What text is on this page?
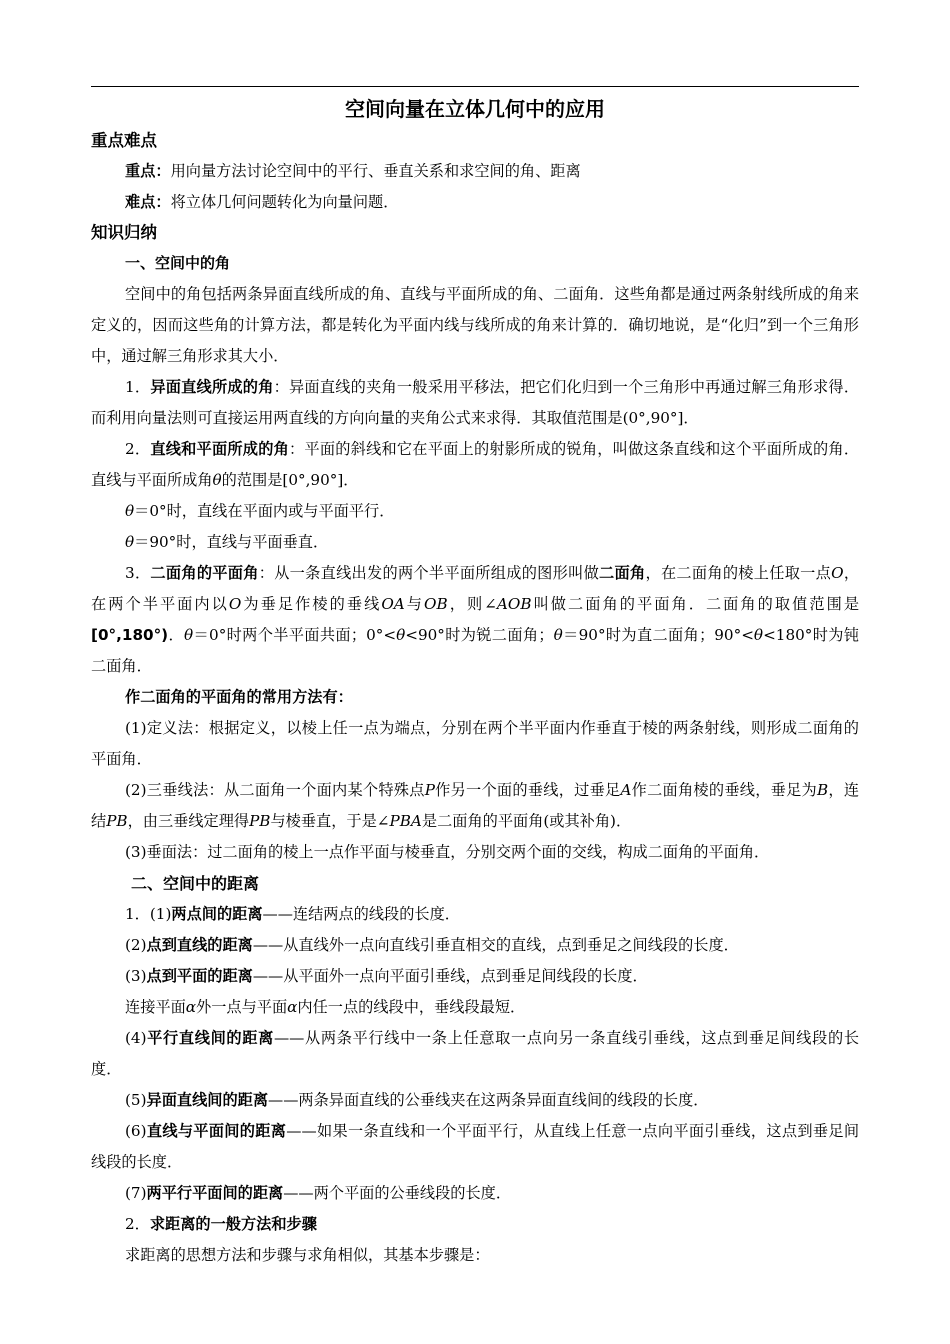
空间向量在立体几何中的应用
重点难点

重点：用向量方法讨论空间中的平行、垂直关系和求空间的角、距离

难点：将立体几何问题转化为向量问题．

知识归纳
一、空间中的角

空间中的角包括两条异面直线所成的角、直线与平面所成的角、二面角．这些角都是通过两条射线所成的角来定义的，因而这些角的计算方法，都是转化为平面内线与线所成的角来计算的．确切地说，是“化归”到一个三角形中，通过解三角形求其大小．

1．异面直线所成的角：异面直线的夹角一般采用平移法，把它们化归到一个三角形中再通过解三角形求得．而利用向量法则可直接运用两直线的方向向量的夹角公式来求得．其取值范围是(0°,90°]．

2．直线和平面所成的角：平面的斜线和它在平面上的射影所成的锐角，叫做这条直线和这个平面所成的角．直线与平面所成角θ的范围是[0°,90°]．

θ＝0°时，直线在平面内或与平面平行．

θ＝90°时，直线与平面垂直．

3．二面角的平面角：从一条直线出发的两个半平面所组成的图形叫做二面角，在二面角的棱上任取一点O，在两个半平面内以O为垂足作棱的垂线OA与OB，则∠AOB叫做二面角的平面角．二面角的取值范围是[0°,180°)．θ＝0°时两个半平面共面；0°<θ<90°时为锐二面角；θ＝90°时为直二面角；90°<θ<180°时为钝二面角．

作二面角的平面角的常用方法有：

(1)定义法：根据定义，以棱上任一点为端点，分别在两个半平面内作垂直于棱的两条射线，则形成二面角的平面角．

(2)三垂线法：从二面角一个面内某个特殊点P作另一个面的垂线，过垂足A作二面角棱的垂线，垂足为B，连结PB，由三垂线定理得PB与棱垂直，于是∠PBA是二面角的平面角(或其补角)．

(3)垂面法：过二面角的棱上一点作平面与棱垂直，分别交两个面的交线，构成二面角的平面角．

二、空间中的距离

1．(1)两点间的距离——连结两点的线段的长度．

(2)点到直线的距离——从直线外一点向直线引垂直相交的直线，点到垂足之间线段的长度．

(3)点到平面的距离——从平面外一点向平面引垂线，点到垂足间线段的长度．

连接平面α外一点与平面α内任一点的线段中，垂线段最短．

(4)平行直线间的距离——从两条平行线中一条上任意取一点向另一条直线引垂线，这点到垂足间线段的长度．

(5)异面直线间的距离——两条异面直线的公垂线夹在这两条异面直线间的线段的长度．

(6)直线与平面间的距离——如果一条直线和一个平面平行，从直线上任意一点向平面引垂线，这点到垂足间线段的长度．

(7)两平行平面间的距离——两个平面的公垂线段的长度．

2．求距离的一般方法和步骤

求距离的思想方法和步骤与求角相似，其基本步骤是：
